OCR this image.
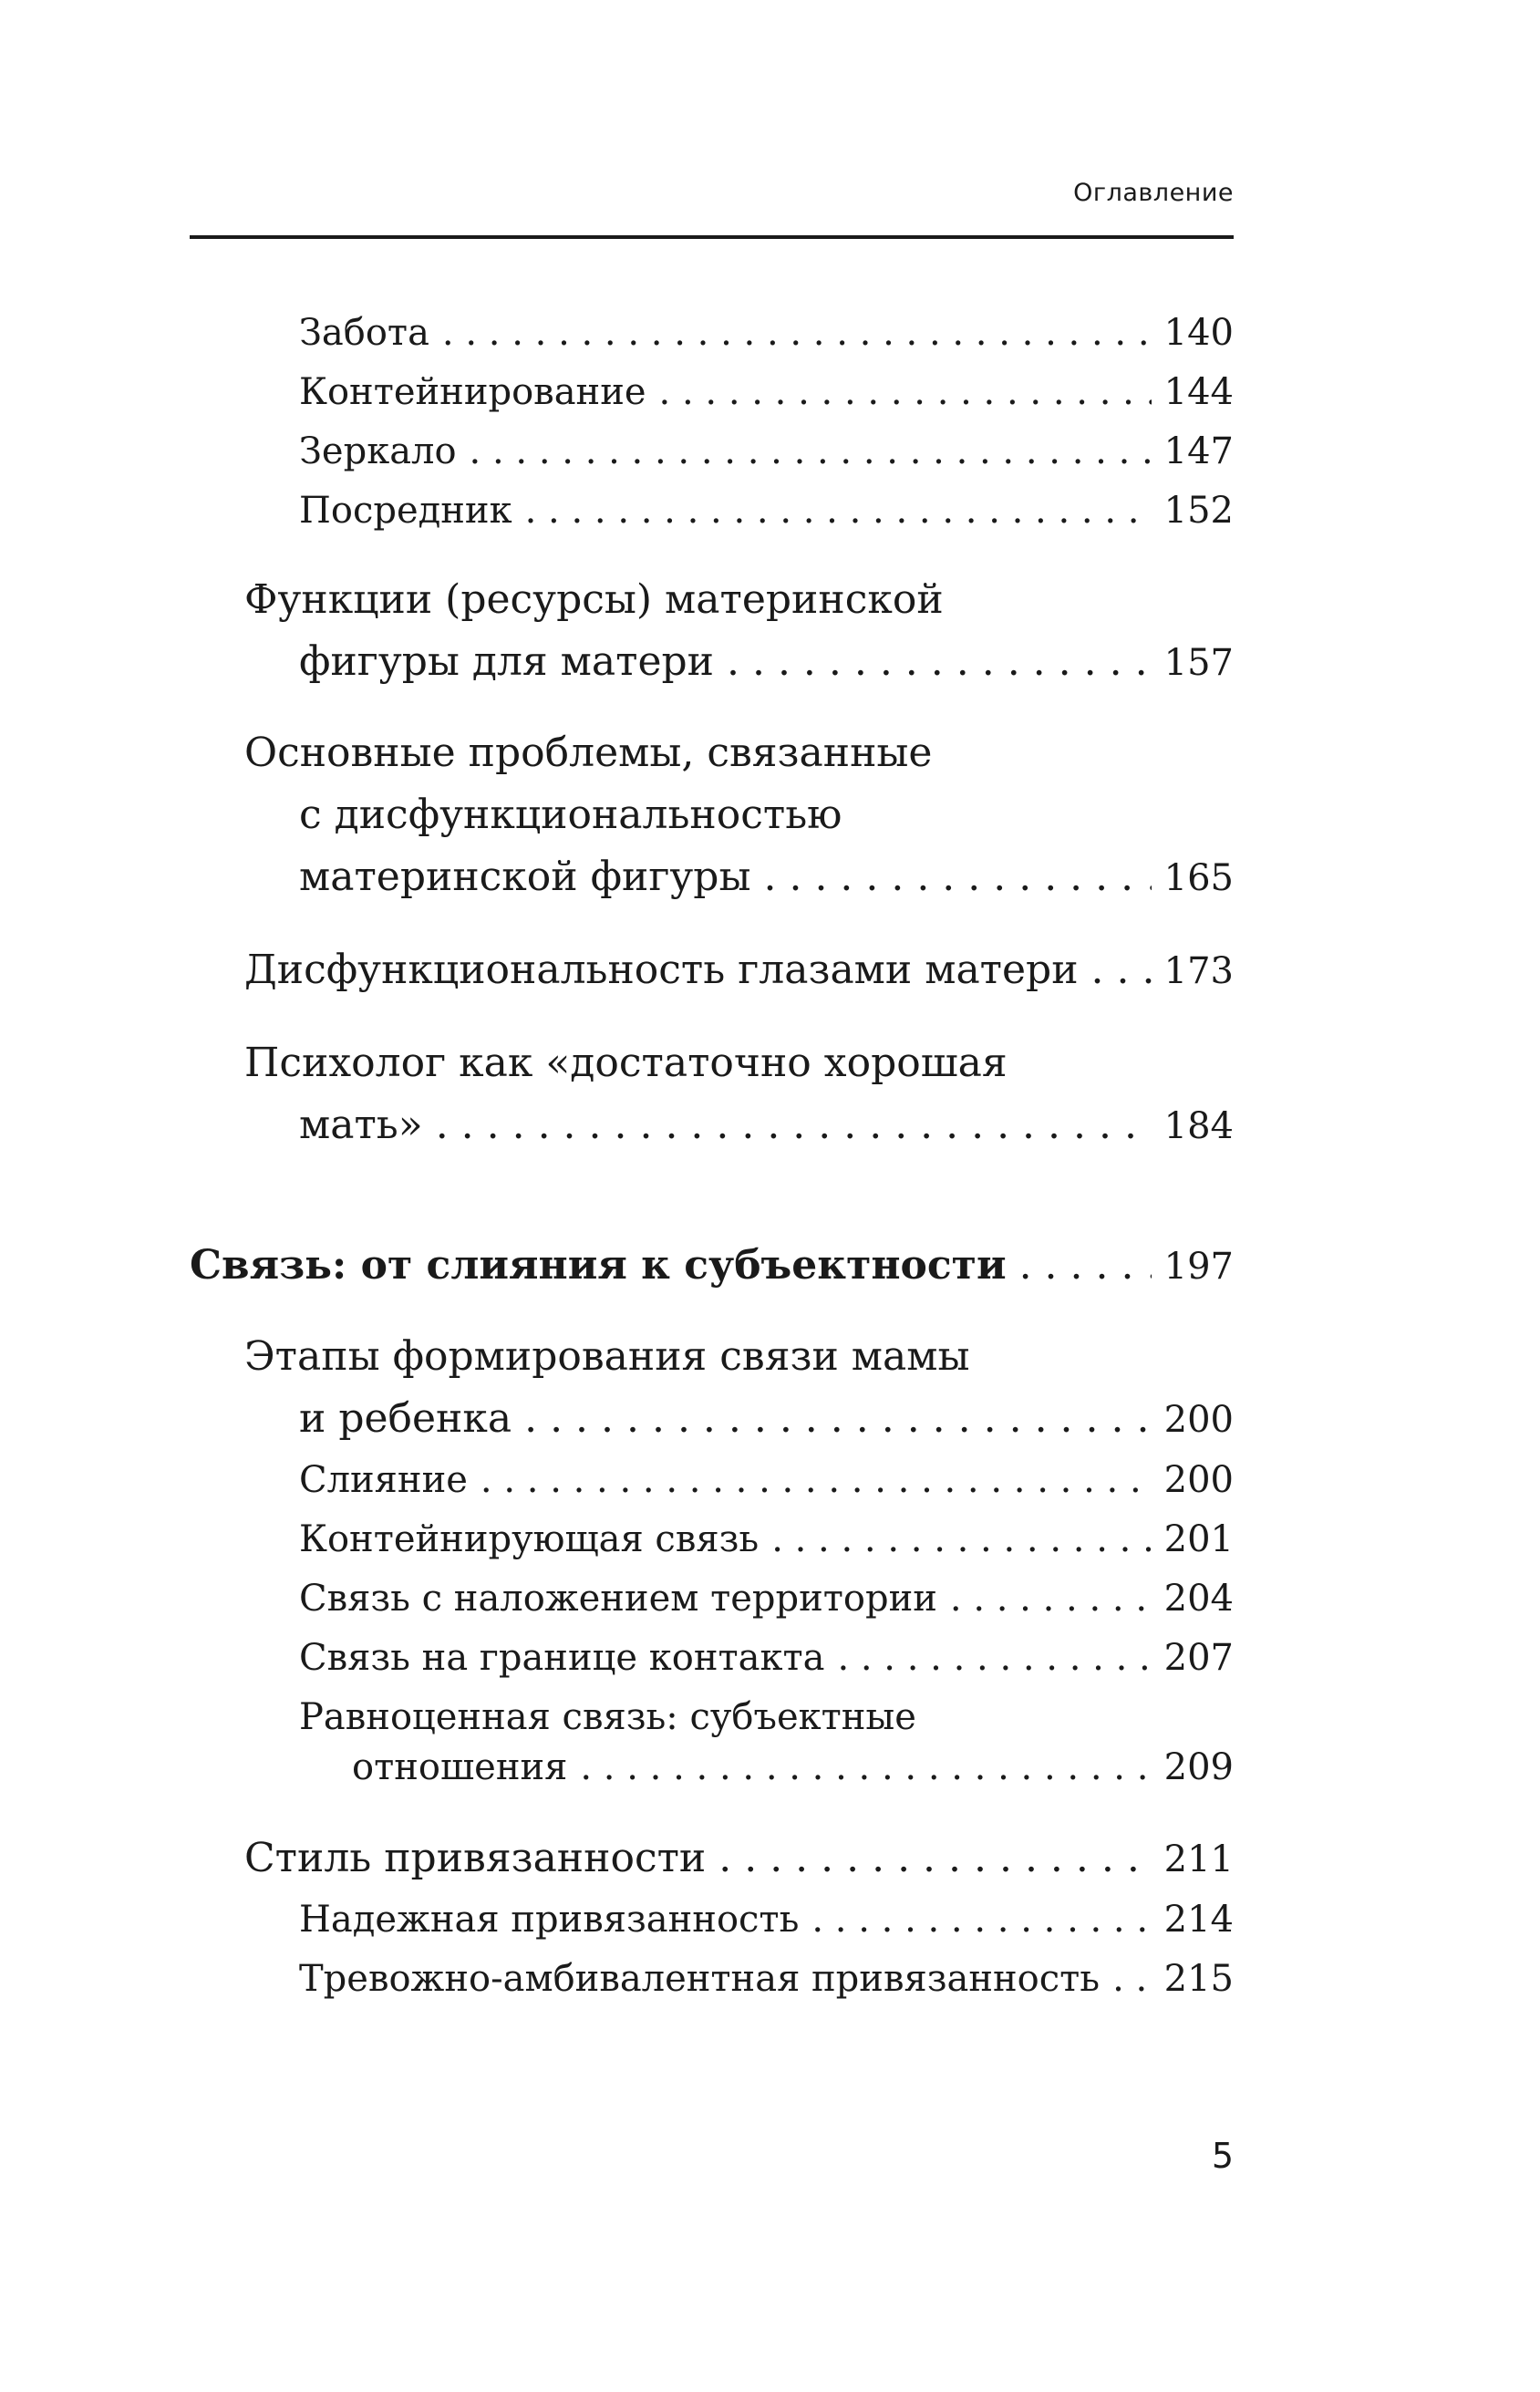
Оглавление
Забота . . .	140
Контейнирование . . .	144
Зеркало . . .	147
Посредник . . .	152
Функции (ресурсы) материнской
фигуры для матери . . .	157
Основные проблемы, связанные
с дисфункциональностью
материнской фигуры . . .	165
Дисфункциональность глазами матери . . . 173
Психолог как «достаточно хорошая
мать» . . .	184
Связь: от слияния к субъектности . . .	197
Этапы формирования связи мамы
и ребенка . . .	200
Слияние . . .	200
Контейнирующая связь . . .	201
Связь с наложением территории . . .	204
Связь на границе контакта . . .	207
Равноценная связь: субъектные
отношения . . .	209
Стиль привязанности . . .	211
Надежная привязанность . . .	214
Тревожно-амбивалентная привязанность . . . 215
5
